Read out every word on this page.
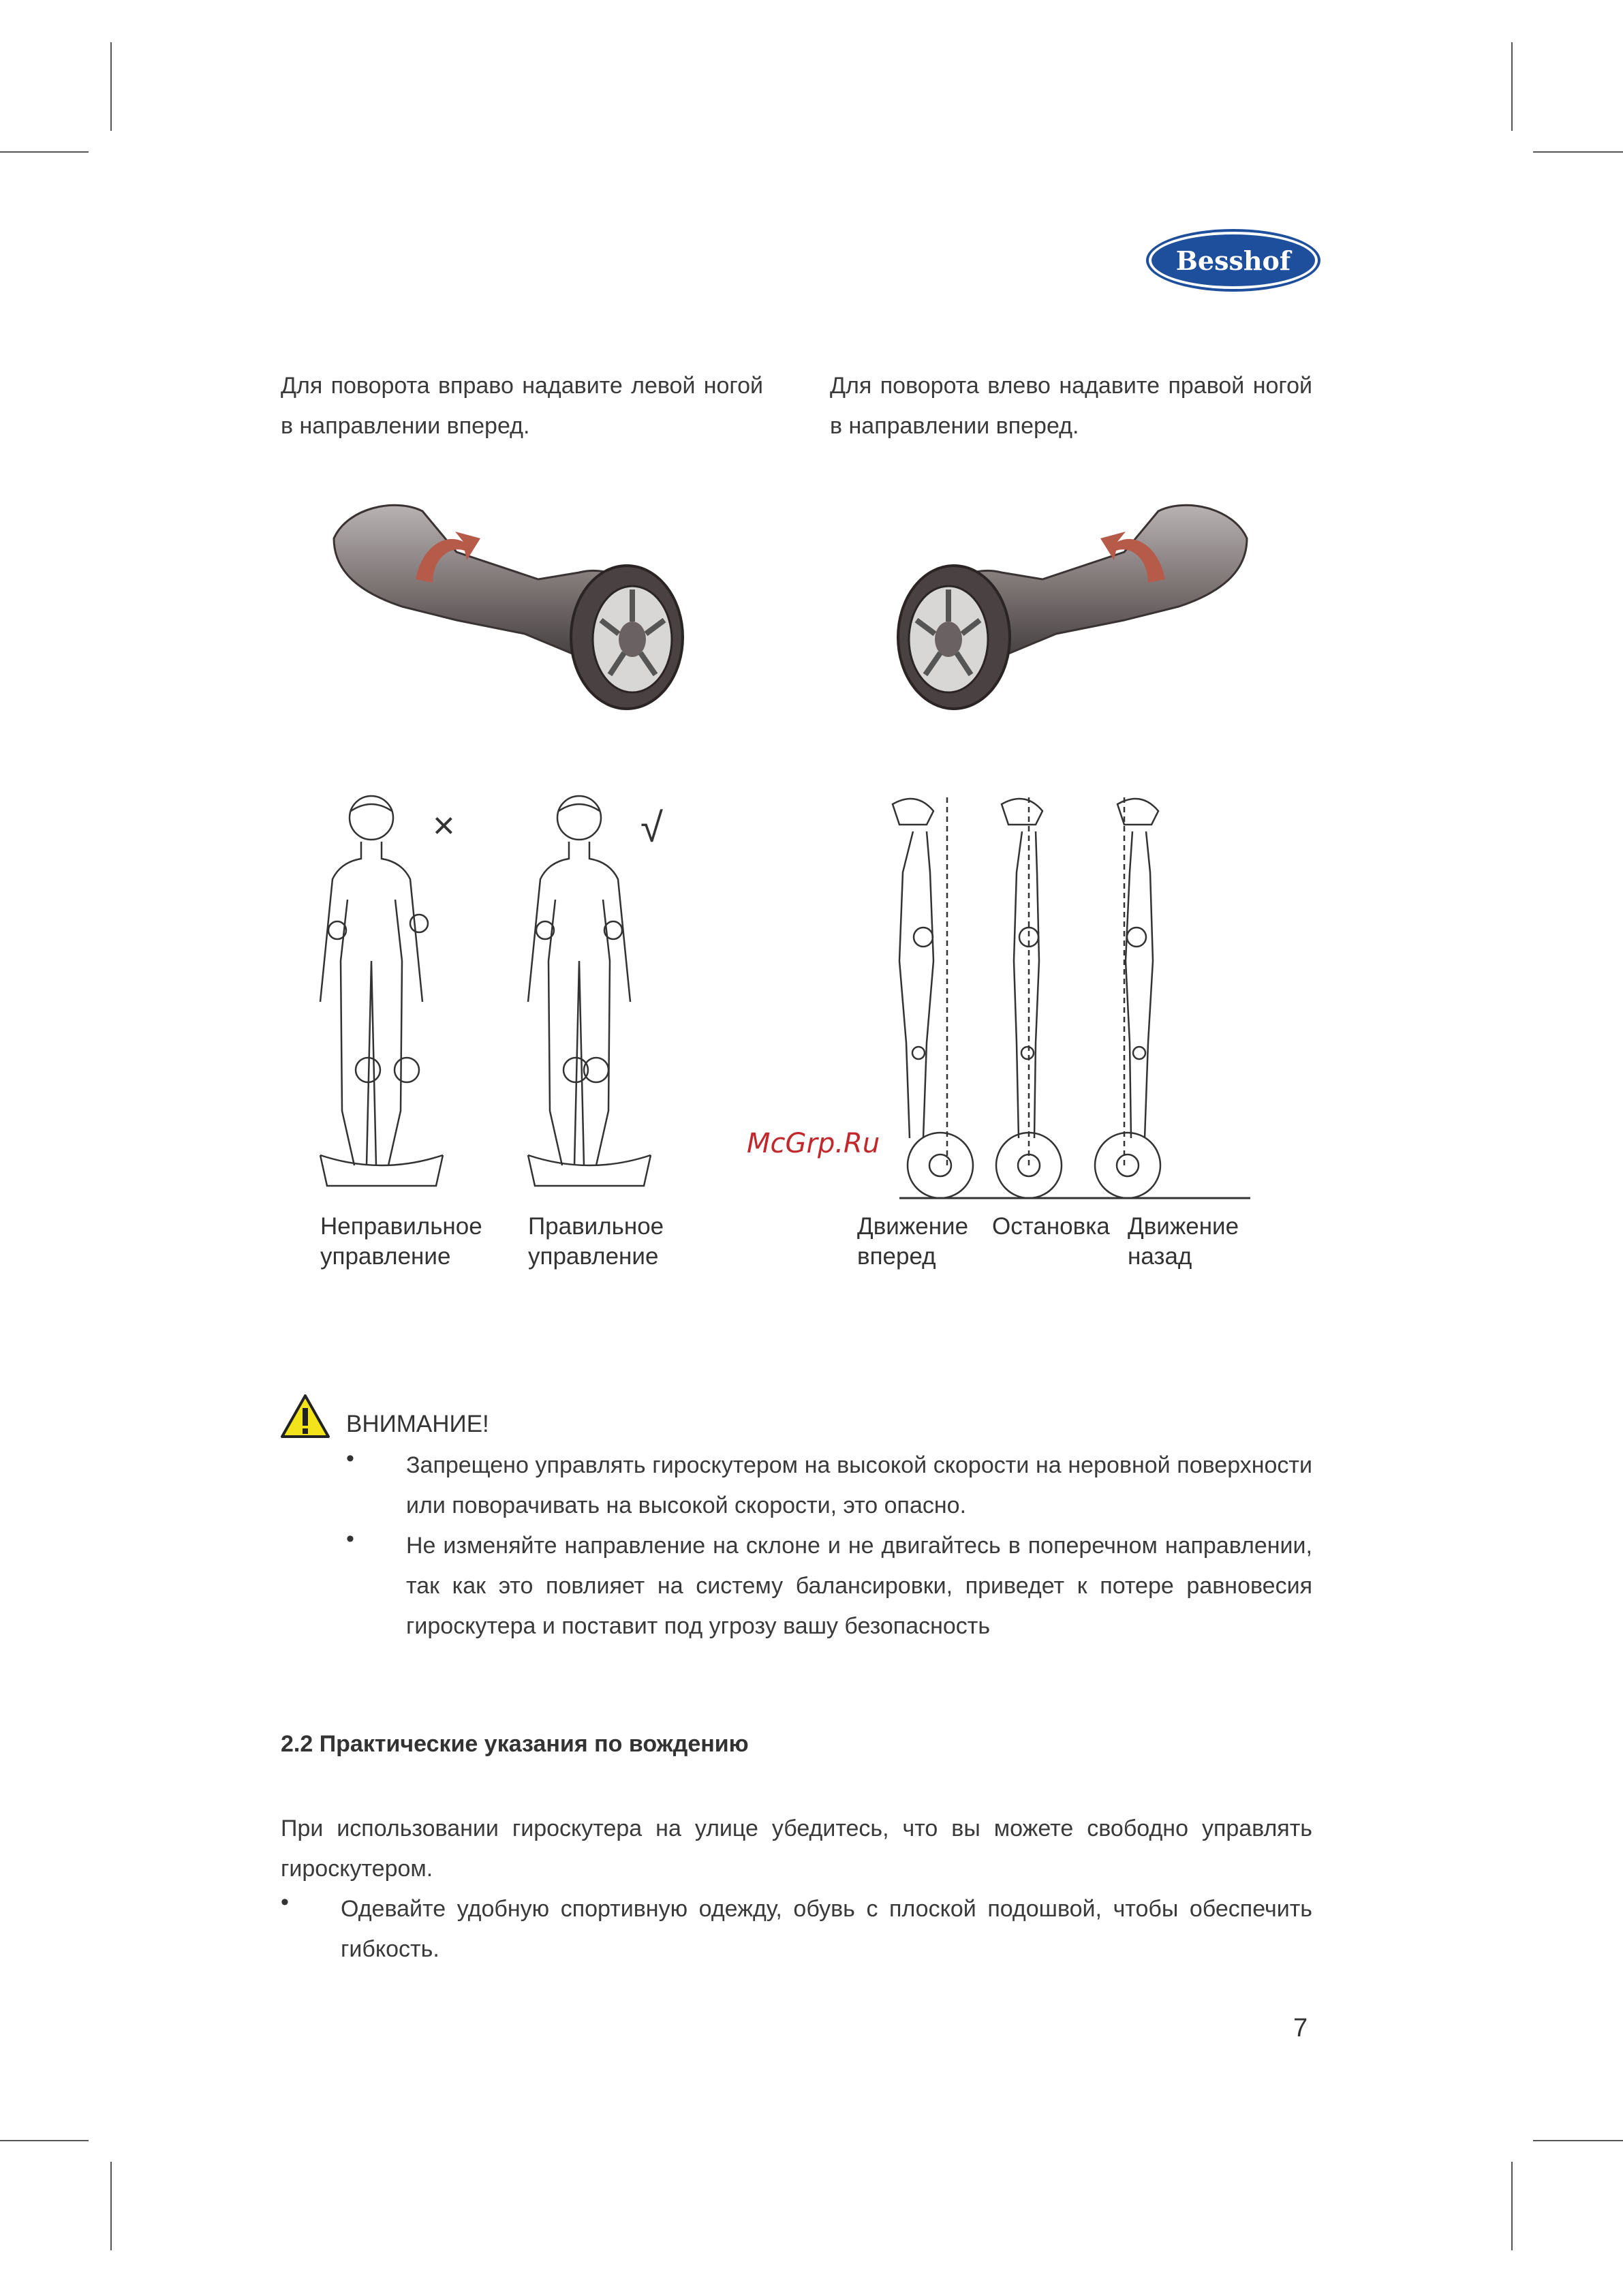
Besshof
Для поворота вправо надавите левой ногой в направлении вперед.
Для поворота влево надавите правой ногой в направлении вперед.
×	√
McGrp.Ru
Неправильное управление
Правильное управление
Движение вперед
Остановка Движение назад
ВНИМАНИЕ!
• Запрещено управлять гироскутером на высокой скорости на неровной поверхности или поворачивать на высокой скорости, это опасно.
• Не изменяйте направление на склоне и не двигайтесь в поперечном направлении, так как это повлияет на систему балансировки, приведет к потере равновесия гироскутера и поставит под угрозу вашу безопасность
2.2 Практические указания по вождению
При использовании гироскутера на улице убедитесь, что вы можете свободно управлять гироскутером.
• Одевайте удобную спортивную одежду, обувь с плоской подошвой, чтобы обеспечить гибкость.
7
